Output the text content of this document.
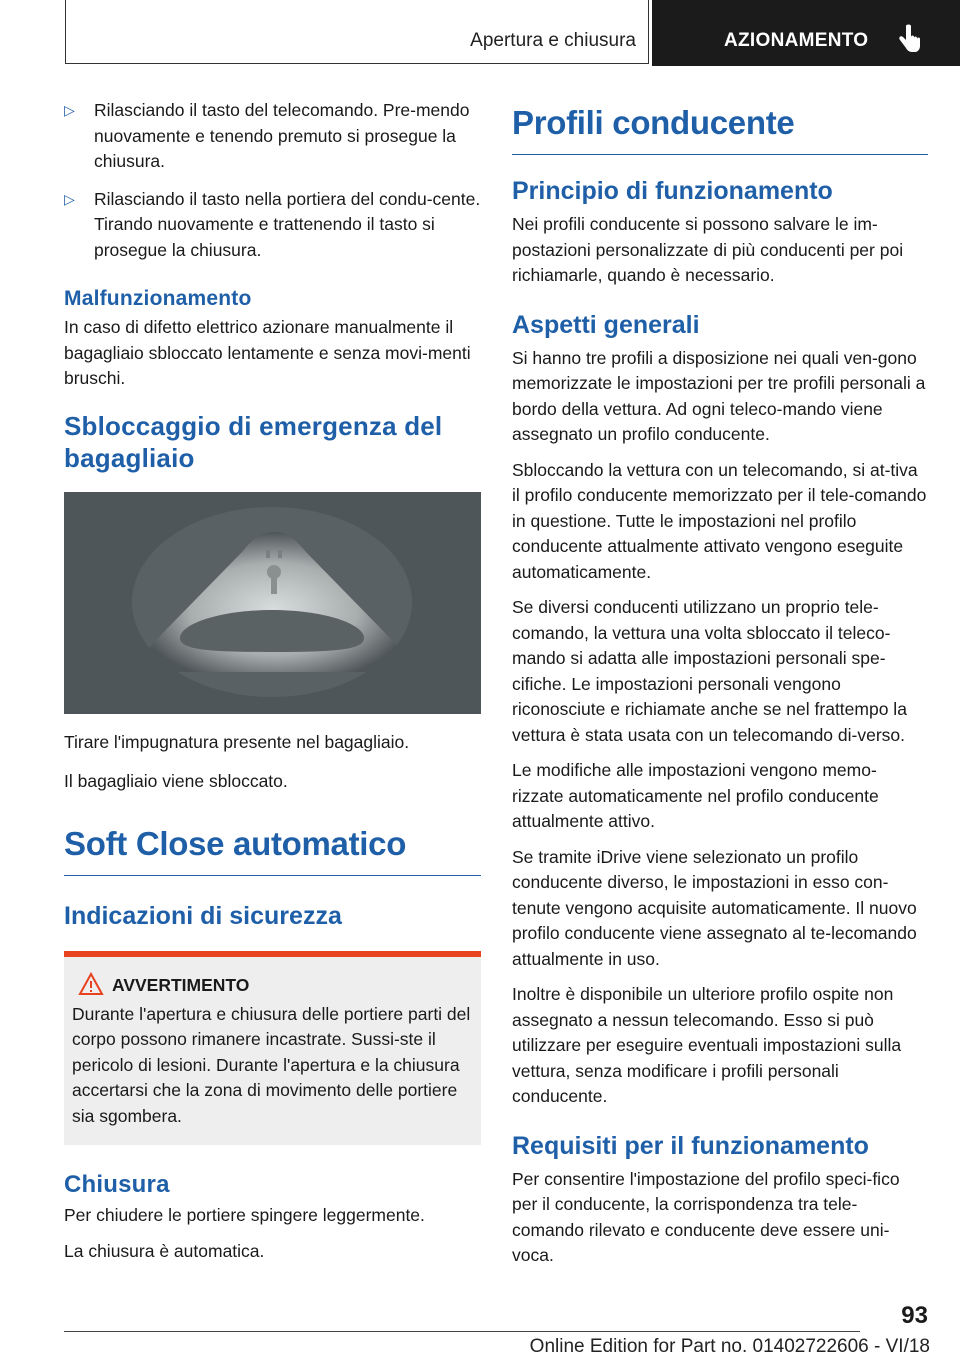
Apertura e chiusura	AZIONAMENTO
▷ Rilasciando il tasto del telecomando. Pre-mendo nuovamente e tenendo premuto si prosegue la chiusura.
▷ Rilasciando il tasto nella portiera del condu-cente. Tirando nuovamente e trattenendo il tasto si prosegue la chiusura.
Malfunzionamento

In caso di difetto elettrico azionare manualmente il bagagliaio sbloccato lentamente e senza movi-menti bruschi.

Sbloccaggio di emergenza del bagagliaio

Tirare l'impugnatura presente nel bagagliaio.

Il bagagliaio viene sbloccato.

Soft Close automatico
Indicazioni di sicurezza
AVVERTIMENTO

Durante l'apertura e chiusura delle portiere parti del corpo possono rimanere incastrate. Sussi-ste il pericolo di lesioni. Durante l'apertura e la chiusura accertarsi che la zona di movimento delle portiere sia sgombera.

Chiusura

Per chiudere le portiere spingere leggermente.

La chiusura è automatica.

Profili conducente
Principio di funzionamento

Nei profili conducente si possono salvare le im-postazioni personalizzate di più conducenti per poi richiamarle, quando è necessario.

Aspetti generali

Si hanno tre profili a disposizione nei quali ven-gono memorizzate le impostazioni per tre profili personali a bordo della vettura. Ad ogni teleco-mando viene assegnato un profilo conducente.

Sbloccando la vettura con un telecomando, si at-tiva il profilo conducente memorizzato per il tele-comando in questione. Tutte le impostazioni nel profilo conducente attualmente attivato vengono eseguite automaticamente.

Se diversi conducenti utilizzano un proprio tele-comando, la vettura una volta sbloccato il teleco-mando si adatta alle impostazioni personali spe-cifiche. Le impostazioni personali vengono riconosciute e richiamate anche se nel frattempo la vettura è stata usata con un telecomando di-verso.

Le modifiche alle impostazioni vengono memo-rizzate automaticamente nel profilo conducente attualmente attivo.

Se tramite iDrive viene selezionato un profilo conducente diverso, le impostazioni in esso con-tenute vengono acquisite automaticamente. Il nuovo profilo conducente viene assegnato al te-lecomando attualmente in uso.

Inoltre è disponibile un ulteriore profilo ospite non assegnato a nessun telecomando. Esso si può utilizzare per eseguire eventuali impostazioni sulla vettura, senza modificare i profili personali conducente.

Requisiti per il funzionamento

Per consentire l'impostazione del profilo speci-fico per il conducente, la corrispondenza tra tele-comando rilevato e conducente deve essere uni-voca.

93
Online Edition for Part no. 01402722606 - VI/18
